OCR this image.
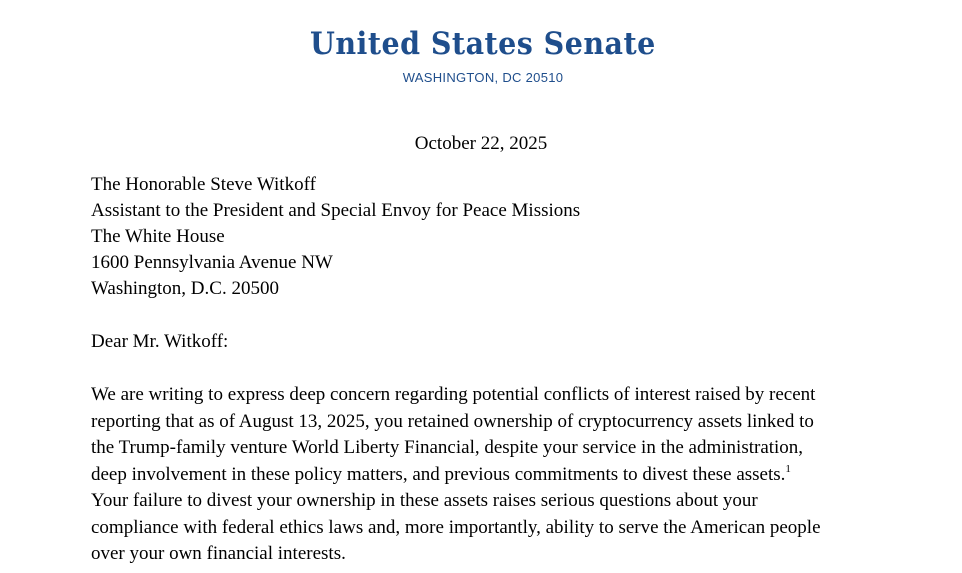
United States Senate
WASHINGTON, DC 20510
October 22, 2025
The Honorable Steve Witkoff
Assistant to the President and Special Envoy for Peace Missions
The White House
1600 Pennsylvania Avenue NW
Washington, D.C. 20500
Dear Mr. Witkoff:
We are writing to express deep concern regarding potential conflicts of interest raised by recent
reporting that as of August 13, 2025, you retained ownership of cryptocurrency assets linked to
the Trump-family venture World Liberty Financial, despite your service in the administration,
deep involvement in these policy matters, and previous commitments to divest these assets.$^1$
Your failure to divest your ownership in these assets raises serious questions about your
compliance with federal ethics laws and, more importantly, ability to serve the American people
over your own financial interests.
